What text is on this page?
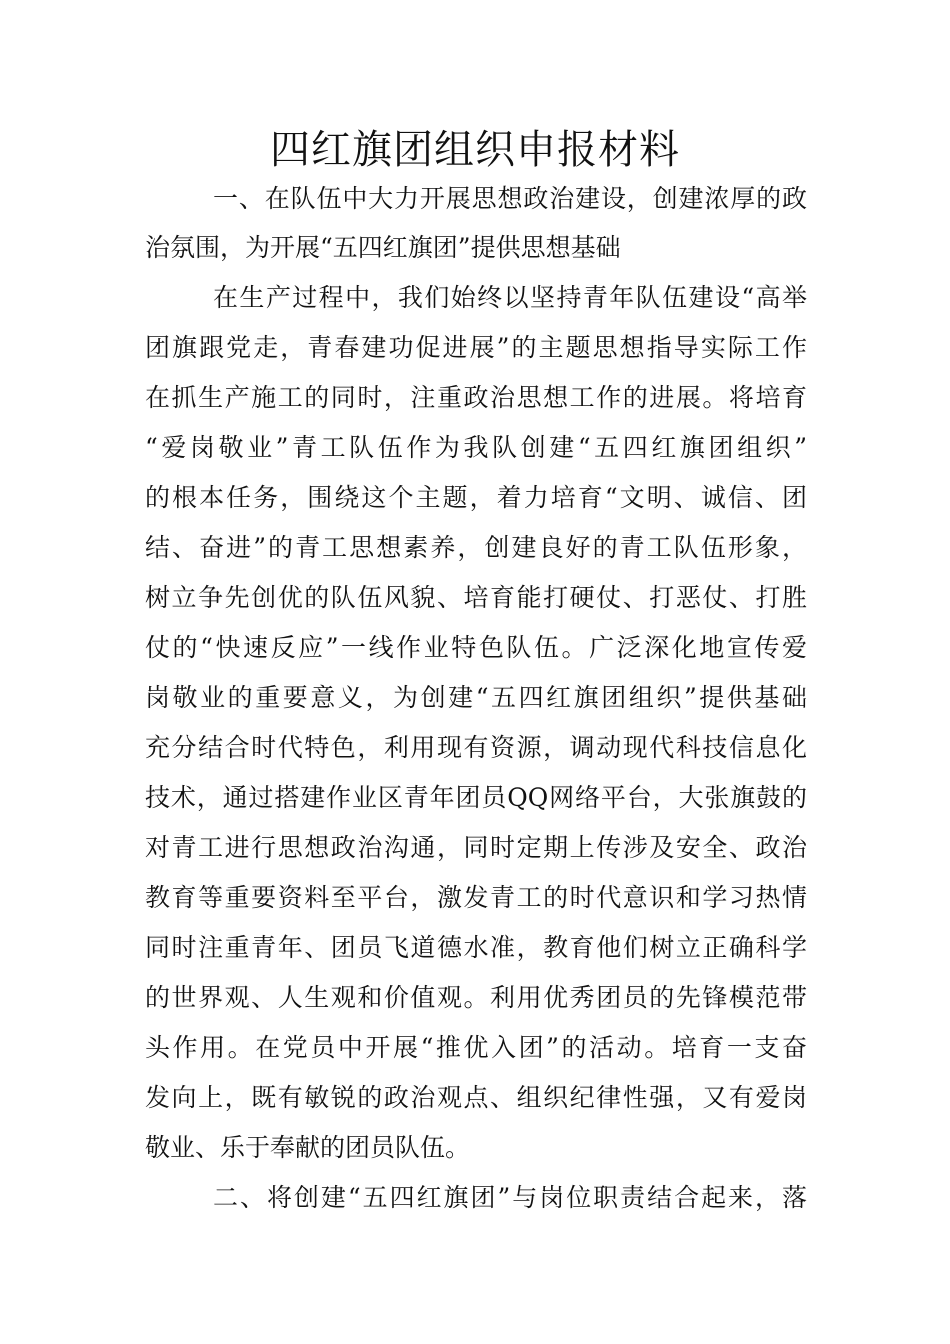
四红旗团组织申报材料

一、在队伍中大力开展思想政治建设，创建浓厚的政

治氛围，为开展“五四红旗团”提供思想基础

在生产过程中，我们始终以坚持青年队伍建设“高举

团旗跟党走，青春建功促进展”的主题思想指导实际工作

在抓生产施工的同时，注重政治思想工作的进展。将培育

“爱岗敬业”青工队伍作为我队创建“五四红旗团组织”

的根本任务，围绕这个主题，着力培育“文明、诚信、团

结、奋进”的青工思想素养，创建良好的青工队伍形象，

树立争先创优的队伍风貌、培育能打硬仗、打恶仗、打胜

仗的“快速反应”一线作业特色队伍。广泛深化地宣传爱

岗敬业的重要意义，为创建“五四红旗团组织”提供基础

充分结合时代特色，利用现有资源，调动现代科技信息化

技术，通过搭建作业区青年团员QQ网络平台，大张旗鼓的

对青工进行思想政治沟通，同时定期上传涉及安全、政治

教育等重要资料至平台，激发青工的时代意识和学习热情

同时注重青年、团员飞道德水准，教育他们树立正确科学

的世界观、人生观和价值观。利用优秀团员的先锋模范带

头作用。在党员中开展“推优入团”的活动。培育一支奋

发向上，既有敏锐的政治观点、组织纪律性强，又有爱岗

敬业、乐于奉献的团员队伍。

二、将创建“五四红旗团”与岗位职责结合起来，落
